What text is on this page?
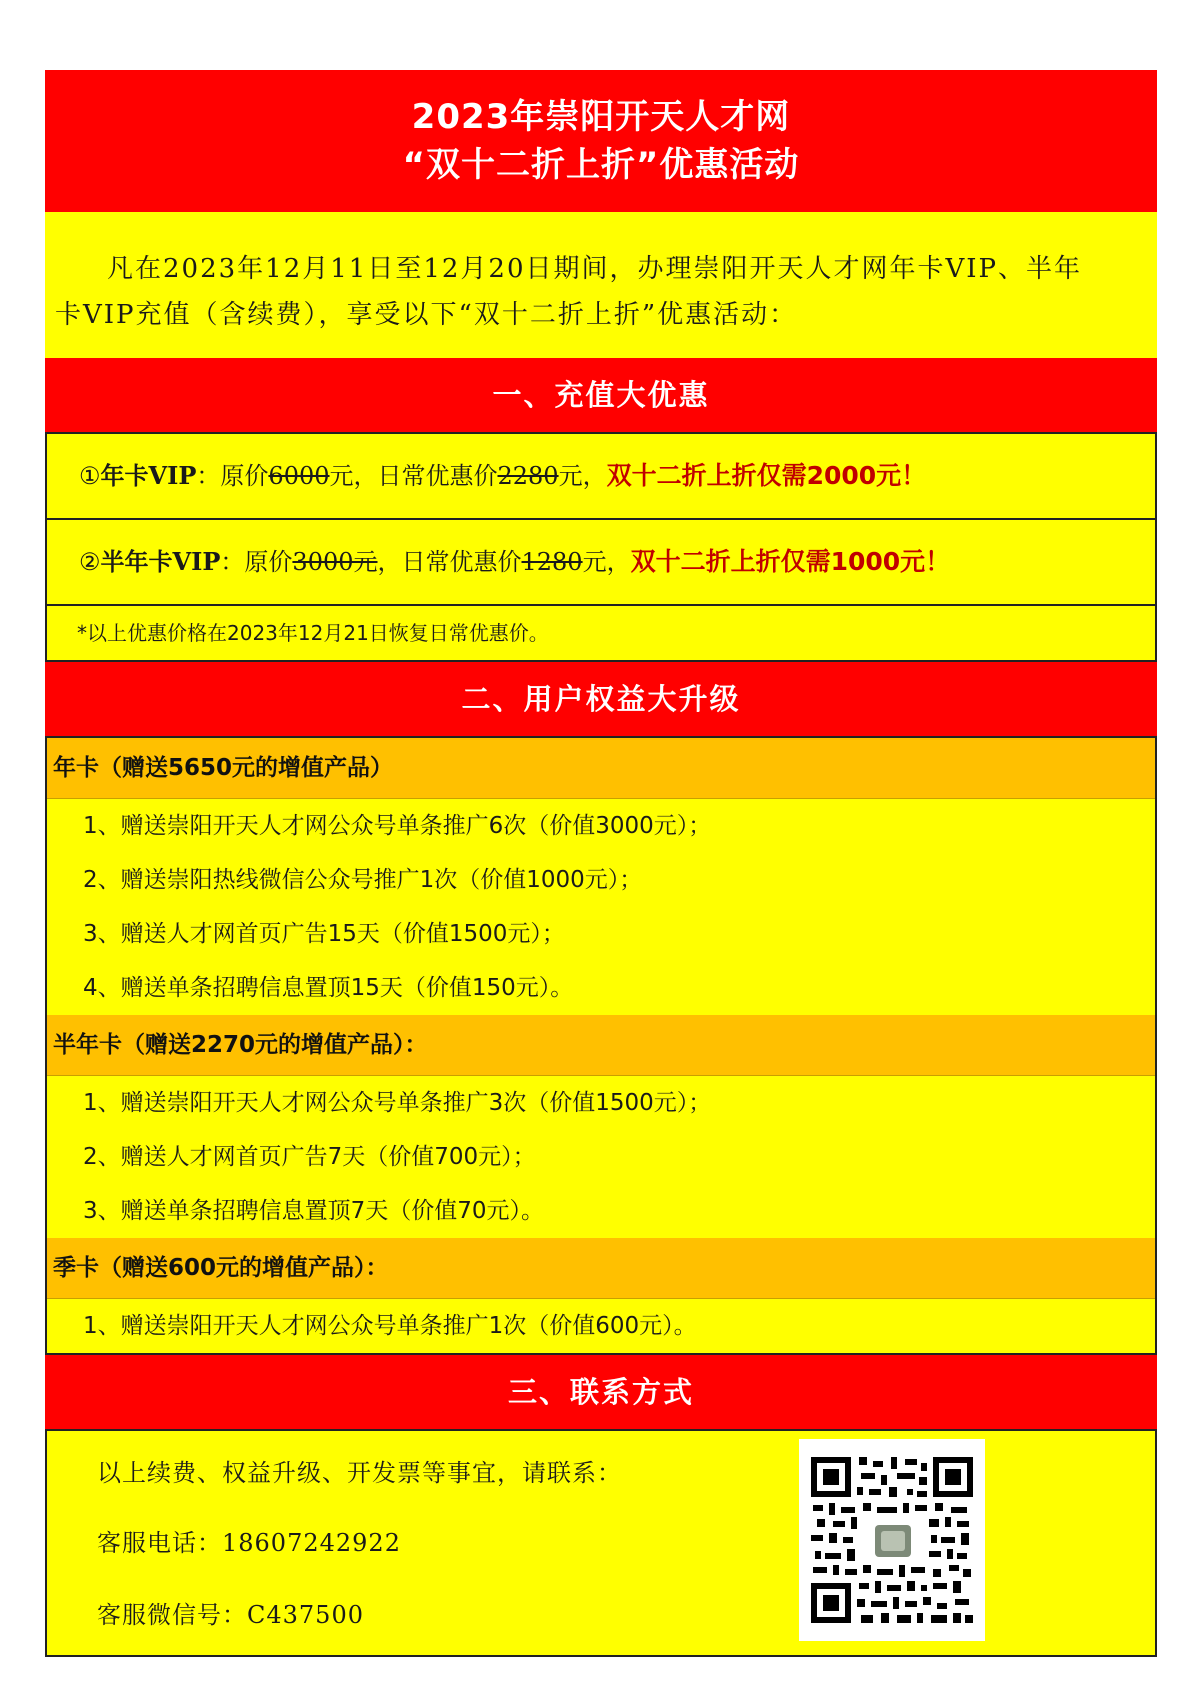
2023年崇阳开天人才网
“双十二折上折”优惠活动
凡在2023年12月11日至12月20日期间，办理崇阳开天人才网年卡VIP、半年
卡VIP充值（含续费），享受以下“双十二折上折”优惠活动：
一、充值大优惠
①年卡VIP：原价6000元，日常优惠价2280元，双十二折上折仅需2000元！
②半年卡VIP：原价3000元，日常优惠价1280元，双十二折上折仅需1000元！
*以上优惠价格在2023年12月21日恢复日常优惠价。
二、用户权益大升级
年卡（赠送5650元的增值产品）
1、赠送崇阳开天人才网公众号单条推广6次（价值3000元）；
2、赠送崇阳热线微信公众号推广1次（价值1000元）；
3、赠送人才网首页广告15天（价值1500元）；
4、赠送单条招聘信息置顶15天（价值150元）。
半年卡（赠送2270元的增值产品）：
1、赠送崇阳开天人才网公众号单条推广3次（价值1500元）；
2、赠送人才网首页广告7天（价值700元）；
3、赠送单条招聘信息置顶7天（价值70元）。
季卡（赠送600元的增值产品）：
1、赠送崇阳开天人才网公众号单条推广1次（价值600元）。
三、联系方式
以上续费、权益升级、开发票等事宜，请联系：
客服电话：18607242922
客服微信号：C437500
